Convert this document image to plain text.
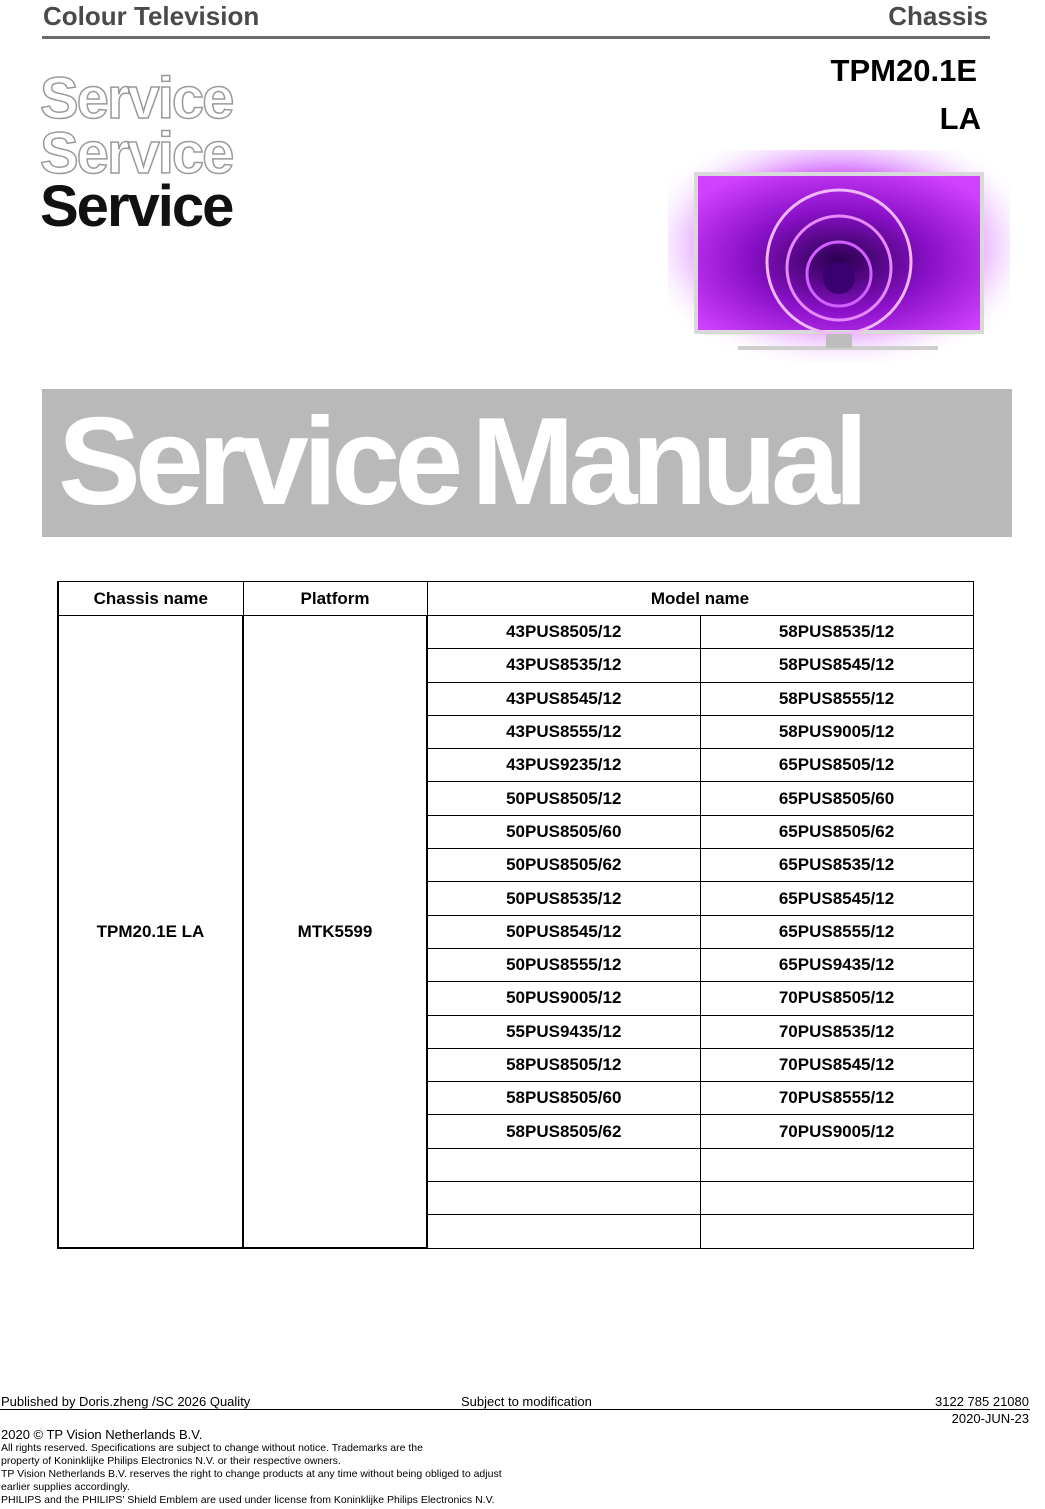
Colour Television	Chassis
TPM20.1E
LA
Service
Service
Service
Service Manual
Chassis name	Platform	Model name	
TPM20.1E LA	MTK5599	43PUS8505/12	58PUS8535/12
		43PUS8535/12	58PUS8545/12
		43PUS8545/12	58PUS8555/12
		43PUS8555/12	58PUS9005/12
		43PUS9235/12	65PUS8505/12
		50PUS8505/12	65PUS8505/60
		50PUS8505/60	65PUS8505/62
		50PUS8505/62	65PUS8535/12
		50PUS8535/12	65PUS8545/12
		50PUS8545/12	65PUS8555/12
		50PUS8555/12	65PUS9435/12
		50PUS9005/12	70PUS8505/12
		55PUS9435/12	70PUS8535/12
		58PUS8505/12	70PUS8545/12
		58PUS8505/60	70PUS8555/12
		58PUS8505/62	70PUS9005/12

Published by Doris.zheng /SC 2026 Quality	Subject to modification	3122 785 21080
2020-JUN-23
2020 © TP Vision Netherlands B.V.
All rights reserved. Specifications are subject to change without notice. Trademarks are the
property of Koninklijke Philips Electronics N.V. or their respective owners.
TP Vision Netherlands B.V. reserves the right to change products at any time without being obliged to adjust
earlier supplies accordingly.
PHILIPS and the PHILIPS’ Shield Emblem are used under license from Koninklijke Philips Electronics N.V.
